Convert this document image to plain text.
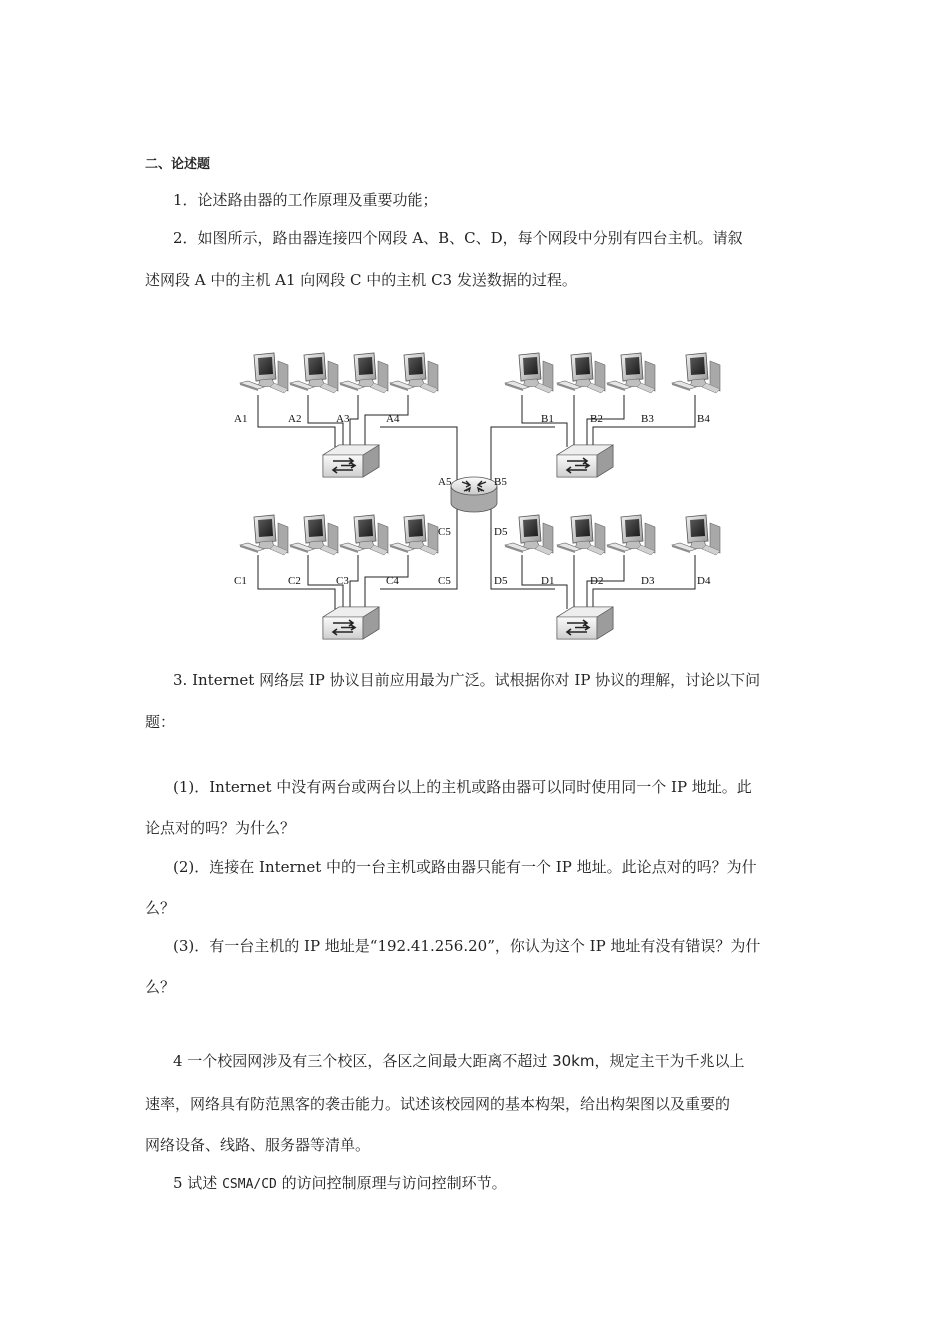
二、论述题
1．论述路由器的工作原理及重要功能；
2．如图所示，路由器连接四个网段 A、B、C、D，每个网段中分别有四台主机。请叙
述网段 A 中的主机 A1 向网段 C 中的主机 C3 发送数据的过程。
A1	A2	A3	A4	B1	B2	B3	B4
A5	B5
C5	D5
C1	C2	C3	C4	C5	D5	D1	D2	D3	D4
3. Internet 网络层 IP 协议目前应用最为广泛。试根据你对 IP 协议的理解，讨论以下问
题：
(1)．Internet 中没有两台或两台以上的主机或路由器可以同时使用同一个 IP 地址。此
论点对的吗？为什么？
(2)．连接在 Internet 中的一台主机或路由器只能有一个 IP 地址。此论点对的吗？为什
么？
(3)．有一台主机的 IP 地址是“192.41.256.20”，你认为这个 IP 地址有没有错误？为什
么？
4 一个校园网涉及有三个校区，各区之间最大距离不超过 30km，规定主干为千兆以上
速率，网络具有防范黑客的袭击能力。试述该校园网的基本构架，给出构架图以及重要的
网络设备、线路、服务器等清单。
5 试述 CSMA/CD 的访问控制原理与访问控制环节。
